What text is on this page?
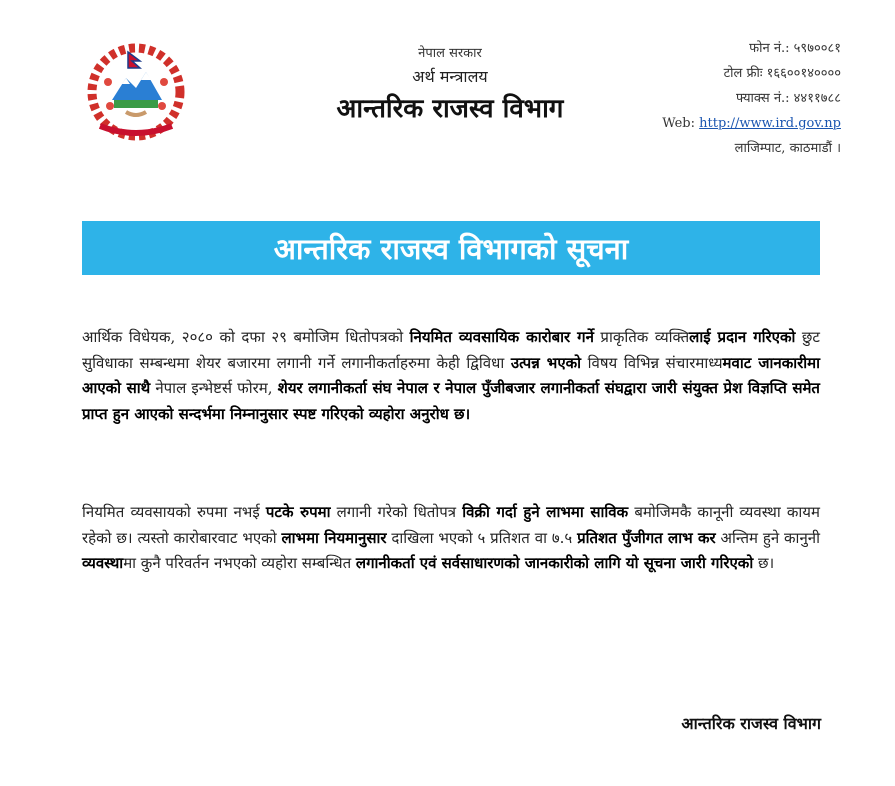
नेपाल सरकार
अर्थ मन्त्रालय
आन्तरिक राजस्व विभाग
फोन नं.: ५९७००८१
टोल फ्रीः १६६००१४००००
फ्याक्स नं.: ४४११७८८
Web: http://www.ird.gov.np
लाजिम्पाट, काठमाडौं ।
आन्तरिक राजस्व विभागको सूचना
आर्थिक विधेयक, २०८० को दफा २९ बमोजिम धितोपत्रको नियमित व्यवसायिक कारोबार गर्ने प्राकृतिक व्यक्तिलाई प्रदान गरिएको छुट सुविधाका सम्बन्धमा शेयर बजारमा लगानी गर्ने लगानीकर्ताहरुमा केही द्विविधा उत्पन्न भएको विषय विभिन्न संचारमाध्यमवाट जानकारीमा आएको साथै नेपाल इन्भेष्टर्स फोरम, शेयर लगानीकर्ता संघ नेपाल र नेपाल पुँजीबजार लगानीकर्ता संघद्वारा जारी संयुक्त प्रेश विज्ञप्ति समेत प्राप्त हुन आएको सन्दर्भमा निम्नानुसार स्पष्ट गरिएको व्यहोरा अनुरोध छ।
नियमित व्यवसायको रुपमा नभई पटके रुपमा लगानी गरेको धितोपत्र विक्री गर्दा हुने लाभमा साविक बमोजिमकै कानूनी व्यवस्था कायम रहेको छ। त्यस्तो कारोबारवाट भएको लाभमा नियमानुसार दाखिला भएको ५ प्रतिशत वा ७.५ प्रतिशत पुँजीगत लाभ कर अन्तिम हुने कानुनी व्यवस्थामा कुनै परिवर्तन नभएको व्यहोरा सम्बन्धित लगानीकर्ता एवं सर्वसाधारणको जानकारीको लागि यो सूचना जारी गरिएको छ।
आन्तरिक राजस्व विभाग
